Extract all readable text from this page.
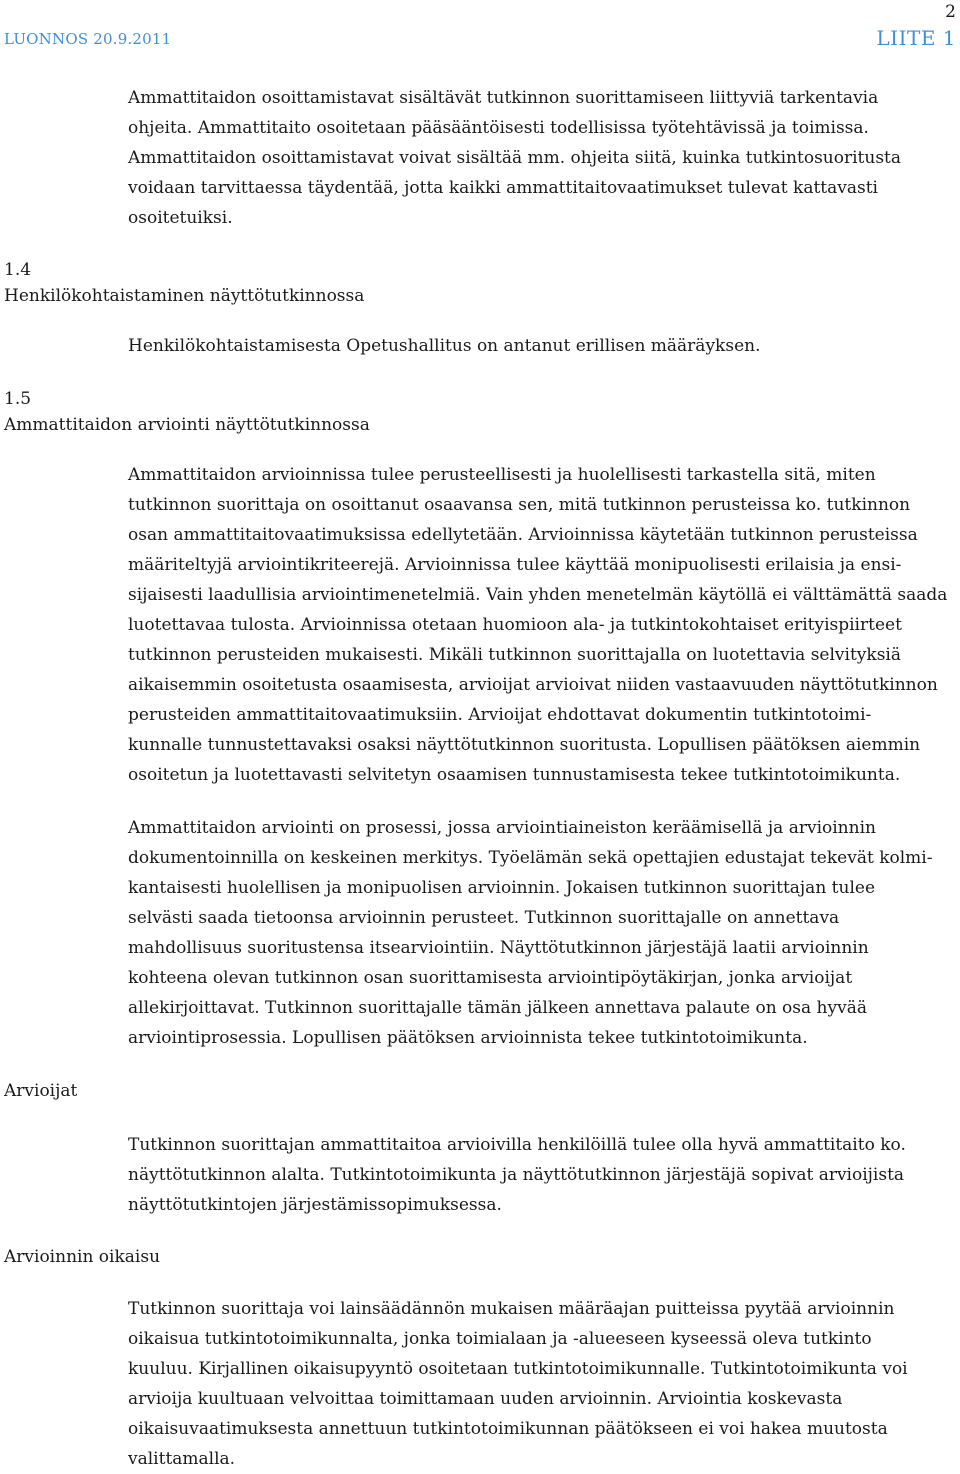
LUONNOS 20.9.2011
2
LIITE 1
Ammattitaidon osoittamistavat sisältävät tutkinnon suorittamiseen liittyviä tarkentavia
ohjeita. Ammattitaito osoitetaan pääsääntöisesti todellisissa työtehtävissä ja toimissa.
Ammattitaidon osoittamistavat voivat sisältää mm. ohjeita siitä, kuinka tutkintosuoritusta
voidaan tarvittaessa täydentää, jotta kaikki ammattitaitovaatimukset tulevat kattavasti
osoitetuiksi.
1.4
Henkilökohtaistaminen näyttötutkinnossa
Henkilökohtaistamisesta Opetushallitus on antanut erillisen määräyksen.
1.5
Ammattitaidon arviointi näyttötutkinnossa
Ammattitaidon arvioinnissa tulee perusteellisesti ja huolellisesti tarkastella sitä, miten
tutkinnon suorittaja on osoittanut osaavansa sen, mitä tutkinnon perusteissa ko. tutkinnon
osan ammattitaitovaatimuksissa edellytetään. Arvioinnissa käytetään tutkinnon perusteissa
määriteltyjä arviointikriteerejä. Arvioinnissa tulee käyttää monipuolisesti erilaisia ja ensi-
sijaisesti laadullisia arviointimenetelmiä. Vain yhden menetelmän käytöllä ei välttämättä saada
luotettavaa tulosta. Arvioinnissa otetaan huomioon ala- ja tutkintokohtaiset erityispiirteet
tutkinnon perusteiden mukaisesti. Mikäli tutkinnon suorittajalla on luotettavia selvityksiä
aikaisemmin osoitetusta osaamisesta, arvioijat arvioivat niiden vastaavuuden näyttötutkinnon
perusteiden ammattitaitovaatimuksiin. Arvioijat ehdottavat dokumentin tutkintotoimi-
kunnalle tunnustettavaksi osaksi näyttötutkinnon suoritusta. Lopullisen päätöksen aiemmin
osoitetun ja luotettavasti selvitetyn osaamisen tunnustamisesta tekee tutkintotoimikunta.
Ammattitaidon arviointi on prosessi, jossa arviointiaineiston keräämisellä ja arvioinnin
dokumentoinnilla on keskeinen merkitys. Työelämän sekä opettajien edustajat tekevät kolmi-
kantaisesti huolellisen ja monipuolisen arvioinnin. Jokaisen tutkinnon suorittajan tulee
selvästi saada tietoonsa arvioinnin perusteet. Tutkinnon suorittajalle on annettava
mahdollisuus suoritustensa itsearviointiin. Näyttötutkinnon järjestäjä laatii arvioinnin
kohteena olevan tutkinnon osan suorittamisesta arviointipöytäkirjan, jonka arvioijat
allekirjoittavat. Tutkinnon suorittajalle tämän jälkeen annettava palaute on osa hyvää
arviointiprosessia. Lopullisen päätöksen arvioinnista tekee tutkintotoimikunta.
Arvioijat
Tutkinnon suorittajan ammattitaitoa arvioivilla henkilöillä tulee olla hyvä ammattitaito ko.
näyttötutkinnon alalta. Tutkintotoimikunta ja näyttötutkinnon järjestäjä sopivat arvioijista
näyttötutkintojen järjestämissopimuksessa.
Arvioinnin oikaisu
Tutkinnon suorittaja voi lainsäädännön mukaisen määräajan puitteissa pyytää arvioinnin
oikaisua tutkintotoimikunnalta, jonka toimialaan ja -alueeseen kyseessä oleva tutkinto
kuuluu. Kirjallinen oikaisupyyntö osoitetaan tutkintotoimikunnalle. Tutkintotoimikunta voi
arvioija kuultuaan velvoittaa toimittamaan uuden arvioinnin. Arviointia koskevasta
oikaisuvaatimuksesta annettuun tutkintotoimikunnan päätökseen ei voi hakea muutosta
valittamalla.
